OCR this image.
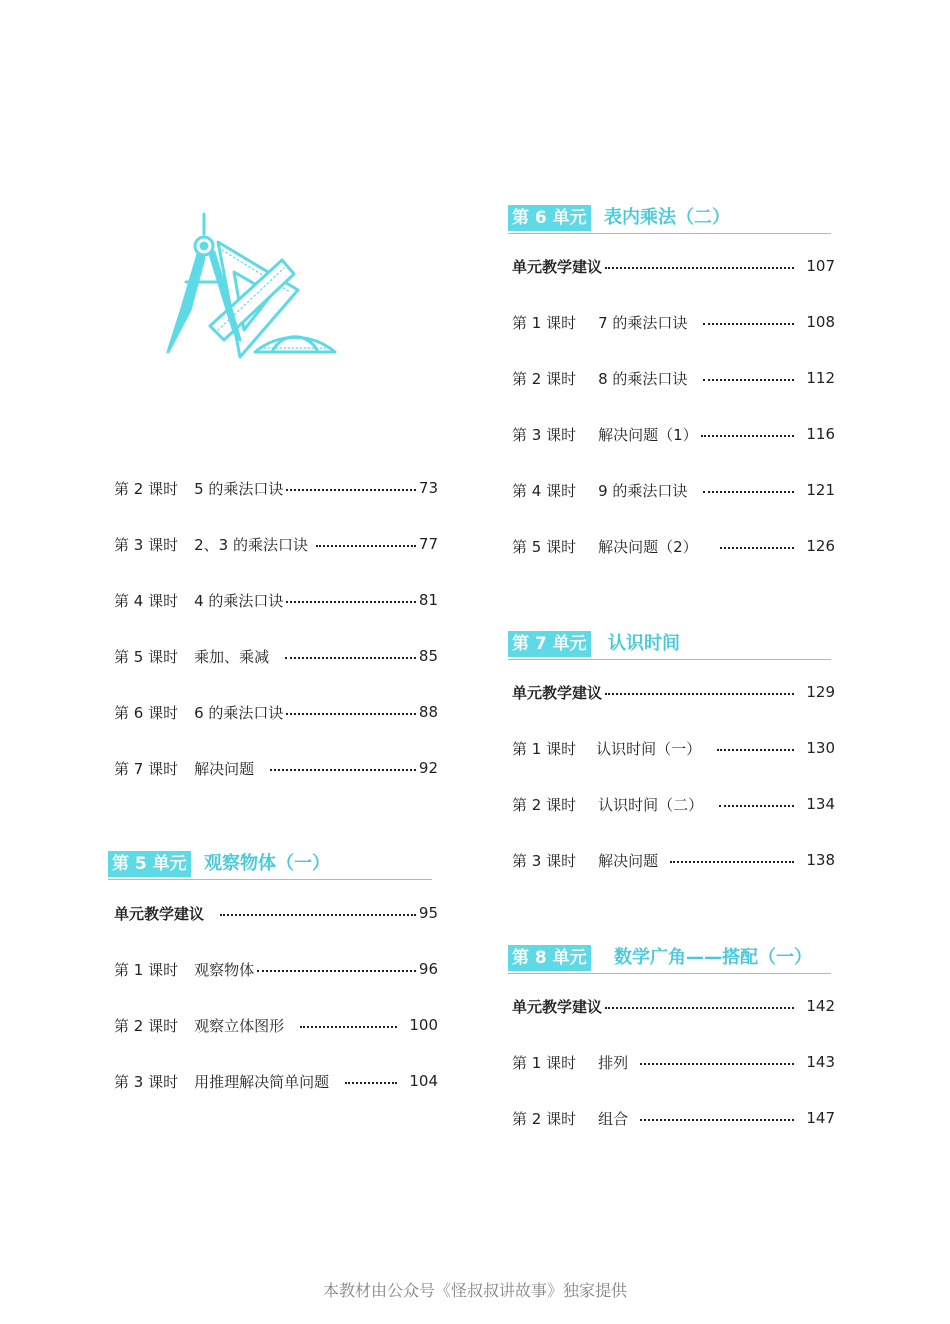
第 2 课时 5 的乘法口诀	73
第 3 课时 2、3 的乘法口诀	77
第 4 课时 4 的乘法口诀	81
第 5 课时 乘加、乘减	85
第 6 课时 6 的乘法口诀	88
第 7 课时 解决问题	92
第 5 单元 观察物体（一）
单元教学建议	95
第 1 课时 观察物体	96
第 2 课时 观察立体图形	100
第 3 课时 用推理解决简单问题	104
第 6 单元 表内乘法（二）
单元教学建议	107
第 1 课时 7 的乘法口诀	108
第 2 课时 8 的乘法口诀	112
第 3 课时 解决问题（1）	116
第 4 课时 9 的乘法口诀	121
第 5 课时 解决问题（2）	126
第 7 单元 认识时间
单元教学建议	129
第 1 课时 认识时间（一）	130
第 2 课时 认识时间（二）	134
第 3 课时 解决问题	138
第 8 单元 数学广角——搭配（一）
单元教学建议	142
第 1 课时 排列	143
第 2 课时 组合	147
本教材由公众号《怪叔叔讲故事》独家提供
